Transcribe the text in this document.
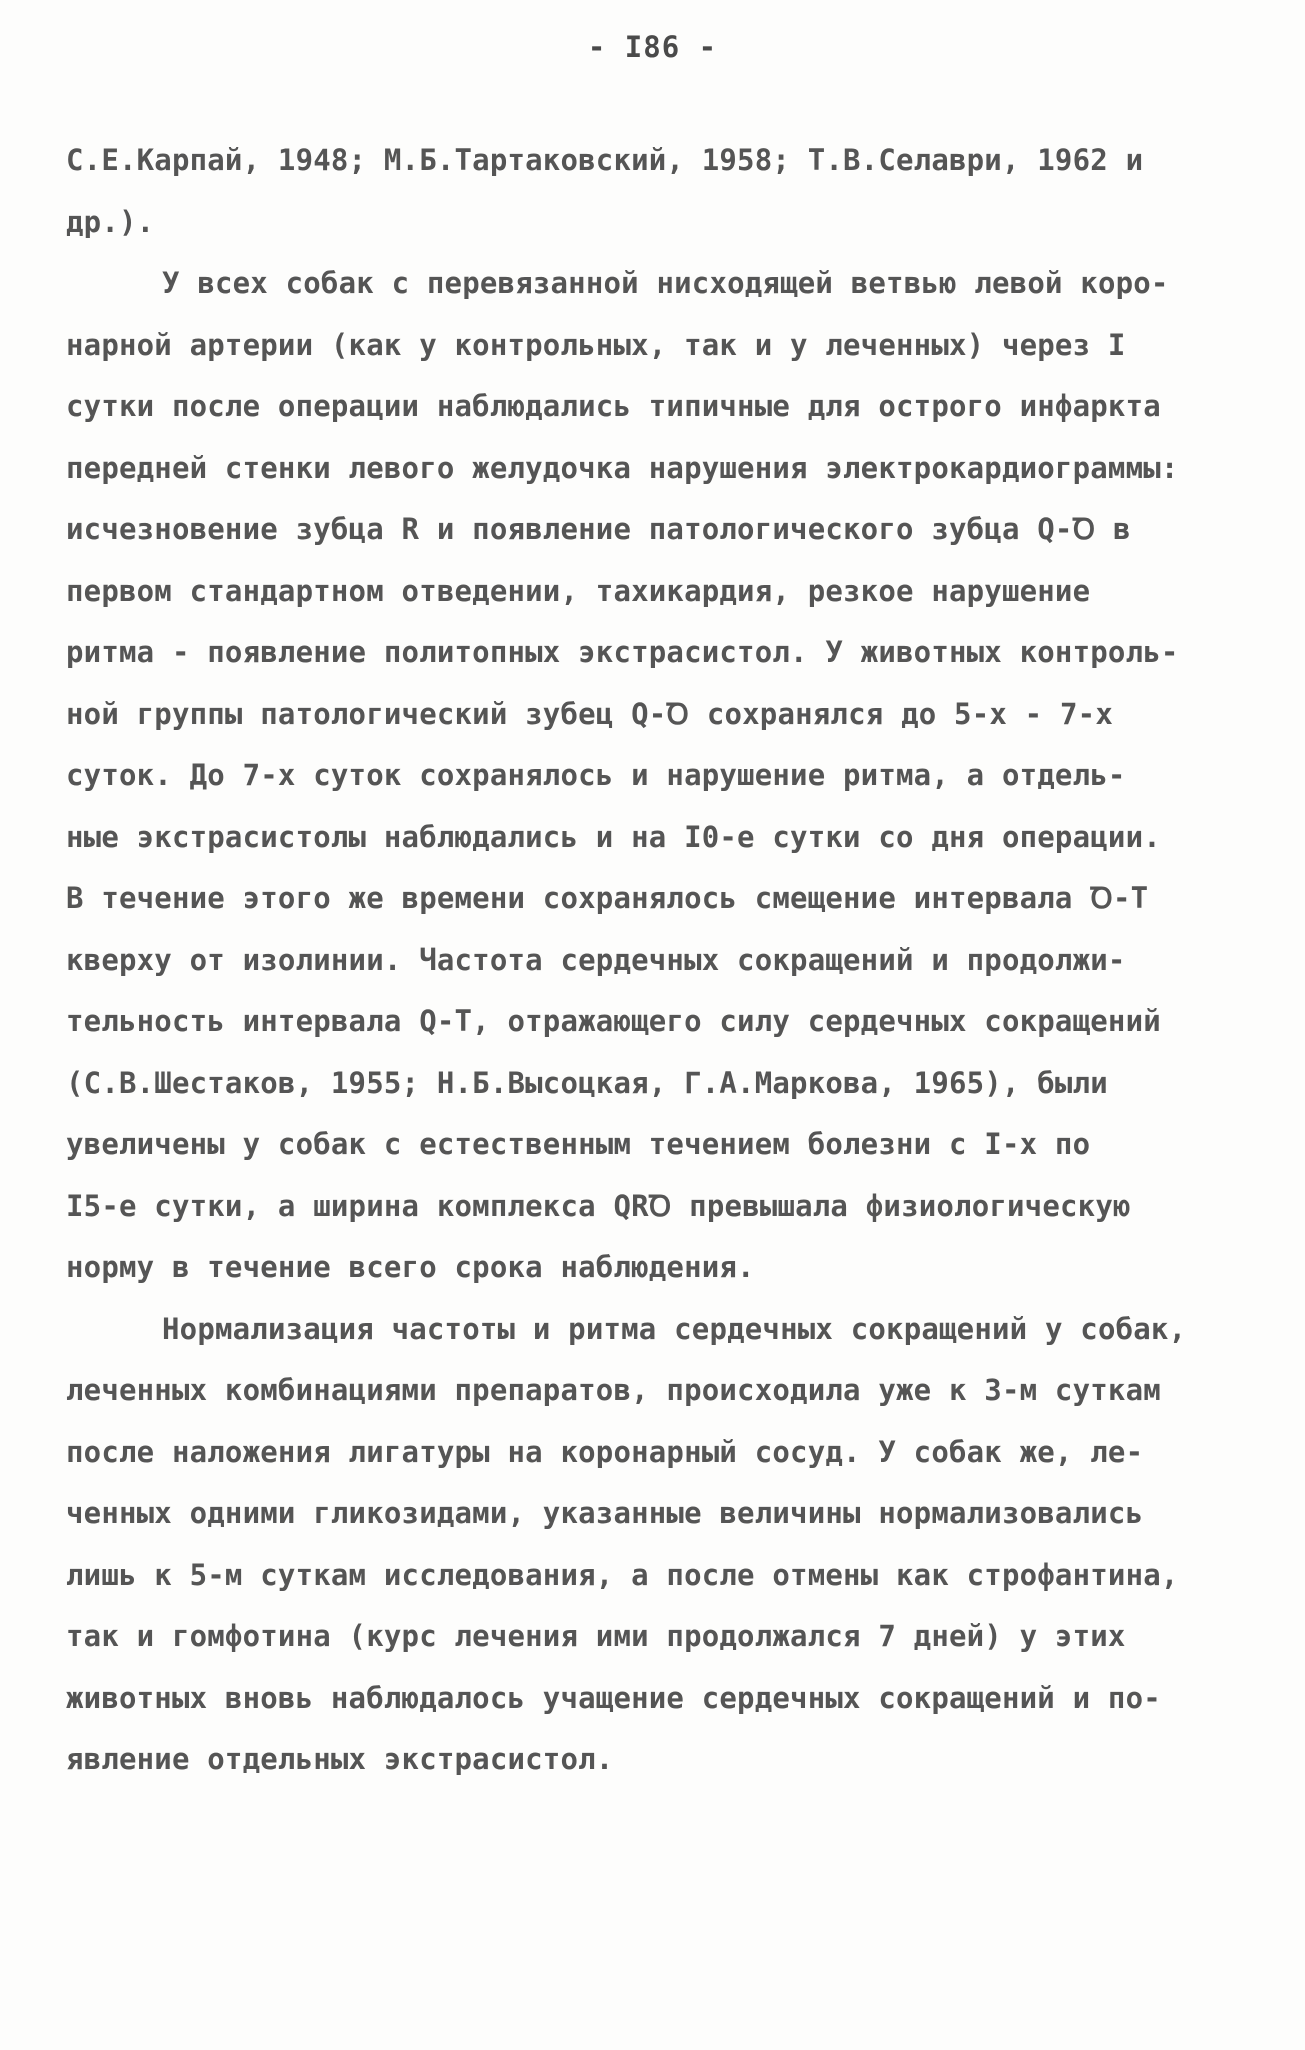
- I86 -
С.Е.Карпай, 1948; М.Б.Тартаковский, 1958; Т.В.Селаври, 1962 и
др.).
У всех собак с перевязанной нисходящей ветвью левой коро-
нарной артерии (как у контрольных, так и у леченных) через I
сутки после операции наблюдались типичные для острого инфаркта
передней стенки левого желудочка нарушения электрокардиограммы:
исчезновение зубца R и появление патологического зубца Q-Ꝺ в
первом стандартном отведении, тахикардия, резкое нарушение
ритма - появление политопных экстрасистол. У животных контроль-
ной группы патологический зубец Q-Ꝺ сохранялся до 5-х - 7-х
суток. До 7-х суток сохранялось и нарушение ритма, а отдель-
ные экстрасистолы наблюдались и на I0-е сутки со дня операции.
В течение этого же времени сохранялось смещение интервала Ꝺ-Т
кверху от изолинии. Частота сердечных сокращений и продолжи-
тельность интервала Q-Т, отражающего силу сердечных сокращений
(С.В.Шестаков, 1955; Н.Б.Высоцкая, Г.А.Маркова, 1965), были
увеличены у собак с естественным течением болезни с I-х по
I5-е сутки, а ширина комплекса QRꝹ превышала физиологическую
норму в течение всего срока наблюдения.
Нормализация частоты и ритма сердечных сокращений у собак,
леченных комбинациями препаратов, происходила уже к 3-м суткам
после наложения лигатуры на коронарный сосуд. У собак же, ле-
ченных одними гликозидами, указанные величины нормализовались
лишь к 5-м суткам исследования, а после отмены как строфантина,
так и гомфотина (курс лечения ими продолжался 7 дней) у этих
животных вновь наблюдалось учащение сердечных сокращений и по-
явление отдельных экстрасистол.
